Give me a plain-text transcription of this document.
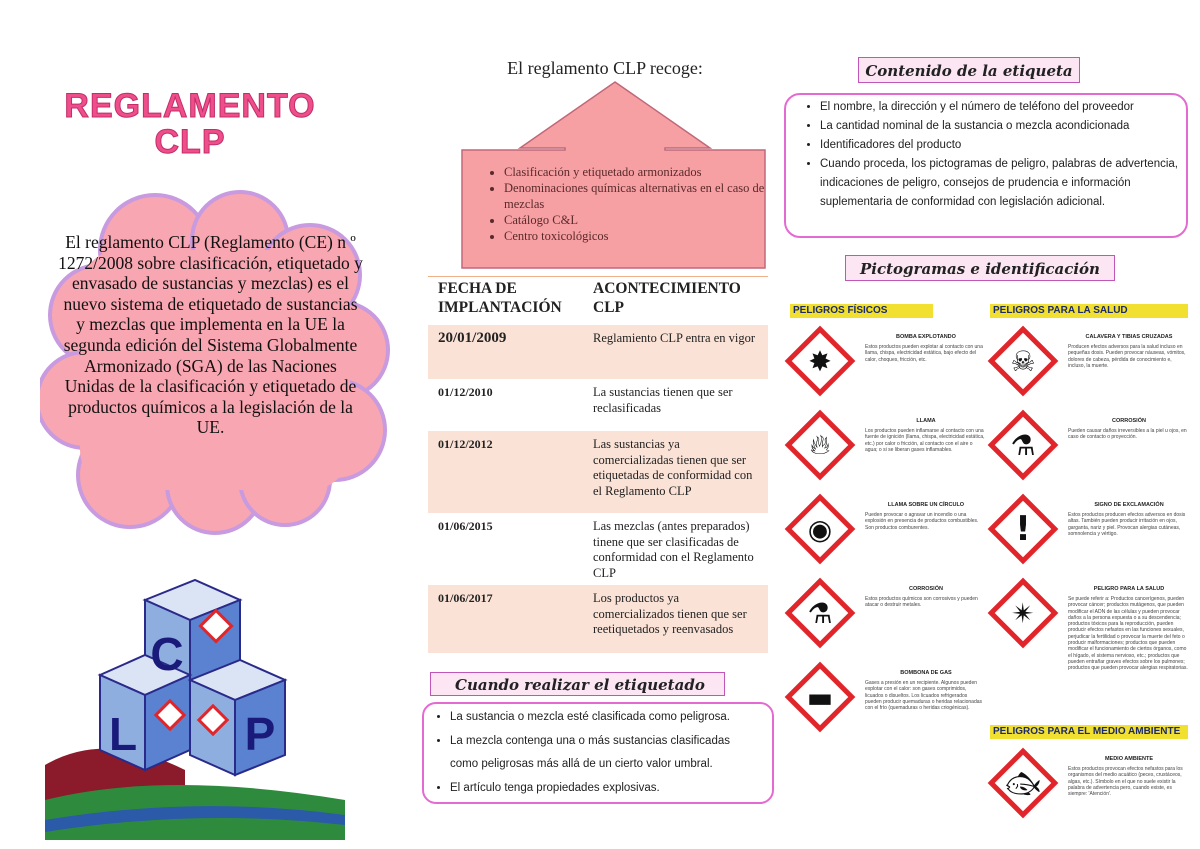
REGLAMENTO
CLP
El reglamento CLP (Reglamento (CE) n º 1272/2008 sobre clasificación, etiquetado y envasado de sustancias y mezclas) es el nuevo sistema de etiquetado de sustancias y mezclas que implementa en la UE la segunda edición del Sistema Globalmente Armonizado (SGA) de las Naciones Unidas de la clasificación y etiquetado de productos químicos a la legislación de la UE.
C
L P
El reglamento CLP recoge:
• Clasificación y etiquetado armonizados
• Denominaciones químicas alternativas en el caso de mezclas
• Catálogo C&L
• Centro toxicológicos
FECHA DE IMPLANTACIÓN	ACONTECIMIENTO CLP
20/01/2009	Reglamiento CLP entra en vigor
01/12/2010	La sustancias tienen que ser reclasificadas
01/12/2012	Las sustancias ya comercializadas tienen que ser etiquetadas de conformidad con el Reglamento CLP
01/06/2015	Las mezclas (antes preparados) tinene que ser clasificadas de conformidad con el Reglamento CLP
01/06/2017	Los productos ya comercializados tienen que ser reetiquetados y reenvasados
Cuando realizar el etiquetado
• La sustancia o mezcla esté clasificada como peligrosa.
• La mezcla contenga una o más sustancias clasificadas
como peligrosas más allá de un cierto valor umbral.
• El artículo tenga propiedades explosivas.
Contenido de la etiqueta
• El nombre, la dirección y el número de teléfono del proveedor
• La cantidad nominal de la sustancia o mezcla acondicionada
• Identificadores del producto
• Cuando proceda, los pictogramas de peligro, palabras de advertencia, indicaciones de peligro, consejos de prudencia e información suplementaria de conformidad con legislación adicional.
Pictogramas e identificación
PELIGROS FÍSICOS	PELIGROS PARA LA SALUD
PELIGROS PARA EL MEDIO AMBIENTE
✸
BOMBA EXPLOTANDO
Estos productos pueden explotar al contacto con una llama, chispa, electricidad estática, bajo efecto del calor, choques, fricción, etc.
🔥︎
LLAMA
Los productos pueden inflamarse al contacto con una fuente de ignición (llama, chispa, electricidad estática, etc.) por calor o fricción, al contacto con el aire o agua; o si se liberan gases inflamables.
◉
LLAMA SOBRE UN CÍRCULO
Pueden provocar o agravar un incendio o una explosión en presencia de productos combustibles. Son productos comburentes.
⚗
CORROSIÓN
Estos productos químicos son corrosivos y pueden atacar o destruir metales.
▬
BOMBONA DE GAS
Gases a presión en un recipiente. Algunos pueden explotar con el calor: son gases comprimidos, licuados o disueltos. Los licuados refrigerados pueden producir quemaduras o heridas relacionadas con el frío (quemaduras o heridas criogénicas).
☠
CALAVERA Y TIBIAS CRUZADAS
Producen efectos adversos para la salud incluso en pequeñas dosis. Pueden provocar náuseas, vómitos, dolores de cabeza, pérdida de conocimiento e, incluso, la muerte.
⚗
CORROSIÓN
Pueden causar daños irreversibles a la piel u ojos, en caso de contacto o proyección.
!
SIGNO DE EXCLAMACIÓN
Estos productos producen efectos adversos en dosis altas. También pueden producir irritación en ojos, garganta, nariz y piel. Provocan alergias cutáneas, somnolencia y vértigo.
✴
PELIGRO PARA LA SALUD
Se puede referir a: Productos cancerígenos, pueden provocar cáncer; productos mutágenos, que pueden modificar el ADN de las células y pueden provocar daños a la persona expuesta o a su descendencia; productos tóxicos para la reproducción, pueden producir efectos nefastos en las funciones sexuales, perjudicar la fertilidad o provocar la muerte del feto o producir malformaciones; productos que pueden modificar el funcionamiento de ciertos órganos, como el hígado, el sistema nervioso, etc.; productos que pueden entrañar graves efectos sobre los pulmones; productos que pueden provocar alergias respiratorias.
🐟︎
MEDIO AMBIENTE
Estos productos provocan efectos nefastos para los organismos del medio acuático (peces, crustáceos, algas, etc.). Símbolo en el que no suele existir la palabra de advertencia pero, cuando existe, es siempre: 'Atención'.
